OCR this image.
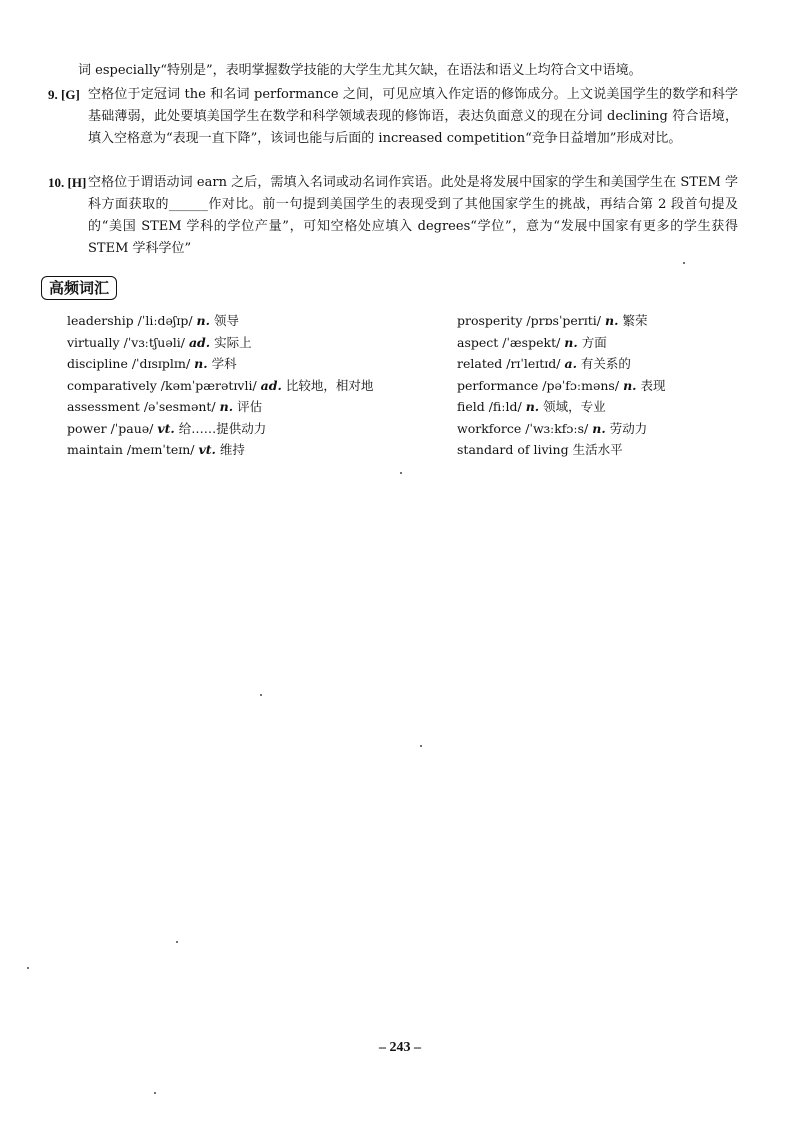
词 especially“特别是”，表明掌握数学技能的大学生尤其欠缺，在语法和语义上均符合文中语境。
9. [G] 空格位于定冠词 the 和名词 performance 之间，可见应填入作定语的修饰成分。上文说美国学生的数学和科学基础薄弱，此处要填美国学生在数学和科学领域表现的修饰语，表达负面意义的现在分词 declining 符合语境，填入空格意为“表现一直下降”，该词也能与后面的 increased competition“竞争日益增加”形成对比。
10. [H] 空格位于谓语动词 earn 之后，需填入名词或动名词作宾语。此处是将发展中国家的学生和美国学生在 STEM 学科方面获取的______作对比。前一句提到美国学生的表现受到了其他国家学生的挑战，再结合第 2 段首句提及的“美国 STEM 学科的学位产量”，可知空格处应填入 degrees“学位”，意为“发展中国家有更多的学生获得 STEM 学科学位”
高频词汇
leadership /ˈliːdəʃɪp/ n. 领导
virtually /ˈvɜːtʃuəli/ ad. 实际上
discipline /ˈdɪsɪplɪn/ n. 学科
comparatively /kəmˈpærətɪvli/ ad. 比较地，相对地
assessment /əˈsesmənt/ n. 评估
power /ˈpauə/ vt. 给……提供动力
maintain /meɪnˈteɪn/ vt. 维持
prosperity /prɒsˈperɪti/ n. 繁荣
aspect /ˈæspekt/ n. 方面
related /rɪˈleɪtɪd/ a. 有关系的
performance /pəˈfɔːməns/ n. 表现
field /fiːld/ n. 领域，专业
workforce /ˈwɜːkfɔːs/ n. 劳动力
standard of living 生活水平
– 243 –
